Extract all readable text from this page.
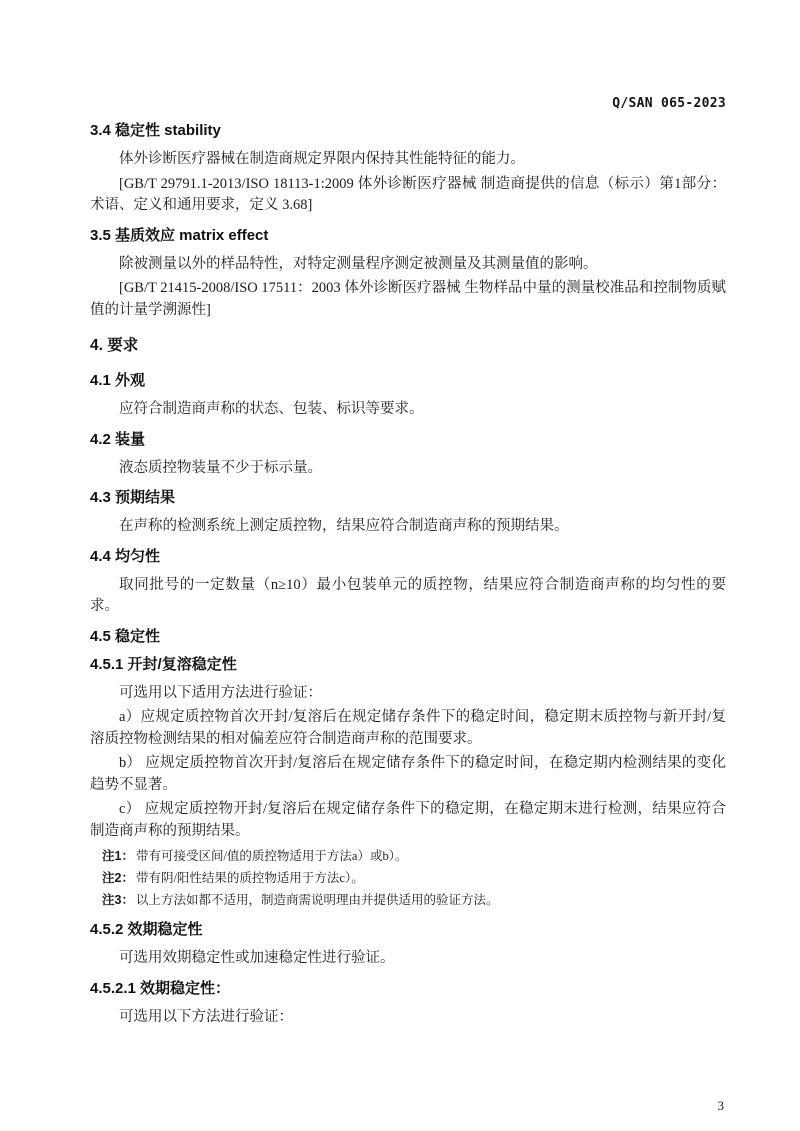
Q/SAN 065-2023
3.4 稳定性 stability

体外诊断医疗器械在制造商规定界限内保持其性能特征的能力。

[GB/T 29791.1-2013/ISO 18113-1:2009 体外诊断医疗器械 制造商提供的信息（标示）第1部分：术语、定义和通用要求，定义 3.68]

3.5 基质效应 matrix effect

除被测量以外的样品特性，对特定测量程序测定被测量及其测量值的影响。

[GB/T 21415-2008/ISO 17511：2003 体外诊断医疗器械 生物样品中量的测量校准品和控制物质赋值的计量学溯源性]

4. 要求
4.1 外观

应符合制造商声称的状态、包装、标识等要求。

4.2 装量

液态质控物装量不少于标示量。

4.3 预期结果

在声称的检测系统上测定质控物，结果应符合制造商声称的预期结果。

4.4 均匀性

取同批号的一定数量（n≥10）最小包装单元的质控物，结果应符合制造商声称的均匀性的要求。

4.5 稳定性
4.5.1 开封/复溶稳定性

可选用以下适用方法进行验证：

a）应规定质控物首次开封/复溶后在规定储存条件下的稳定时间，稳定期末质控物与新开封/复溶质控物检测结果的相对偏差应符合制造商声称的范围要求。

b） 应规定质控物首次开封/复溶后在规定储存条件下的稳定时间，在稳定期内检测结果的变化趋势不显著。

c） 应规定质控物开封/复溶后在规定储存条件下的稳定期，在稳定期末进行检测，结果应符合制造商声称的预期结果。

注1： 带有可接受区间/值的质控物适用于方法a）或b）。

注2： 带有阴/阳性结果的质控物适用于方法c）。

注3： 以上方法如都不适用，制造商需说明理由并提供适用的验证方法。

4.5.2 效期稳定性

可选用效期稳定性或加速稳定性进行验证。

4.5.2.1 效期稳定性：

可选用以下方法进行验证：

3
